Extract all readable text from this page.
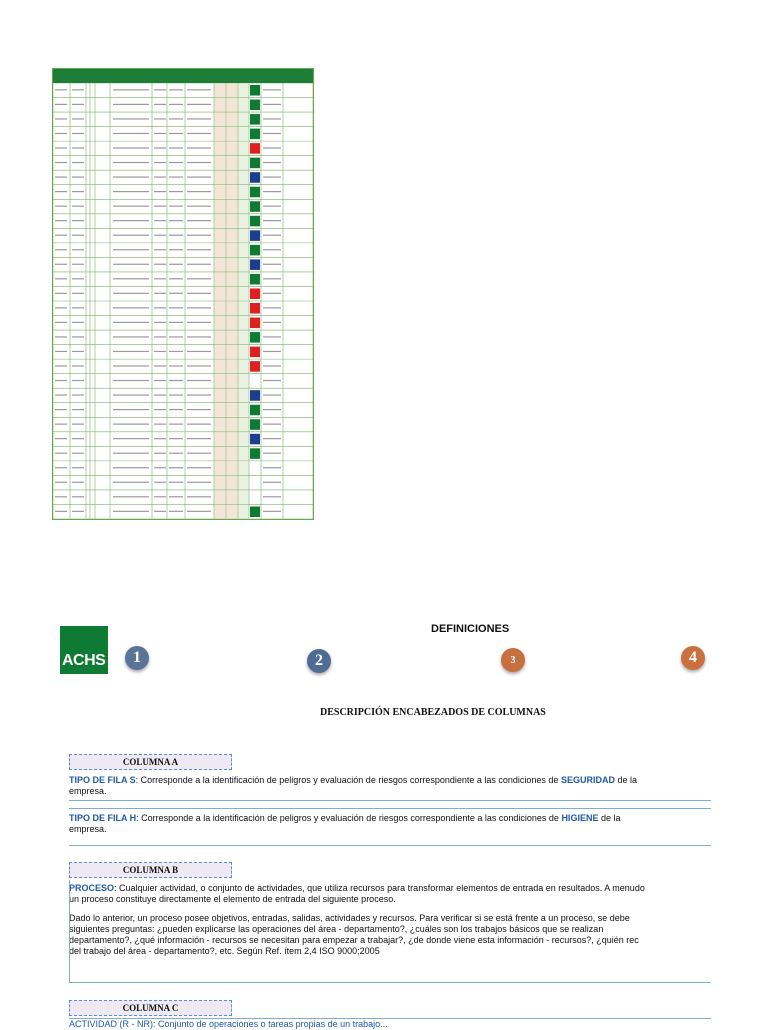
ACHS
DEFINICIONES
1	2	3	4
DESCRIPCIÓN ENCABEZADOS DE COLUMNAS
COLUMNA A
TIPO DE FILA S: Corresponde a la identificación de peligros y evaluación de riesgos correspondiente a las condiciones de SEGURIDAD de la
empresa.
TIPO DE FILA H: Corresponde a la identificación de peligros y evaluación de riesgos correspondiente a las condiciones de HIGIENE de la
empresa.
COLUMNA B
PROCESO: Cualquier actividad, o conjunto de actividades, que utiliza recursos para transformar elementos de entrada en resultados. A menudo
un proceso constituye directamente el elemento de entrada del siguiente proceso.
Dado lo anterior, un proceso posee objetivos, entradas, salidas, actividades y recursos. Para verificar si se está frente a un proceso, se debe
siguientes preguntas: ¿pueden explicarse las operaciones del área - departamento?, ¿cuáles son los trabajos básicos que se realizan
departamento?, ¿qué información - recursos se necesitan para empezar a trabajar?, ¿de donde viene esta información - recursos?, ¿quién rec
del trabajo del área - departamento?, etc. Según Ref. ítem 2,4 ISO 9000;2005
COLUMNA C
ACTIVIDAD (R - NR): Conjunto de operaciones o tareas propias de un trabajo...
